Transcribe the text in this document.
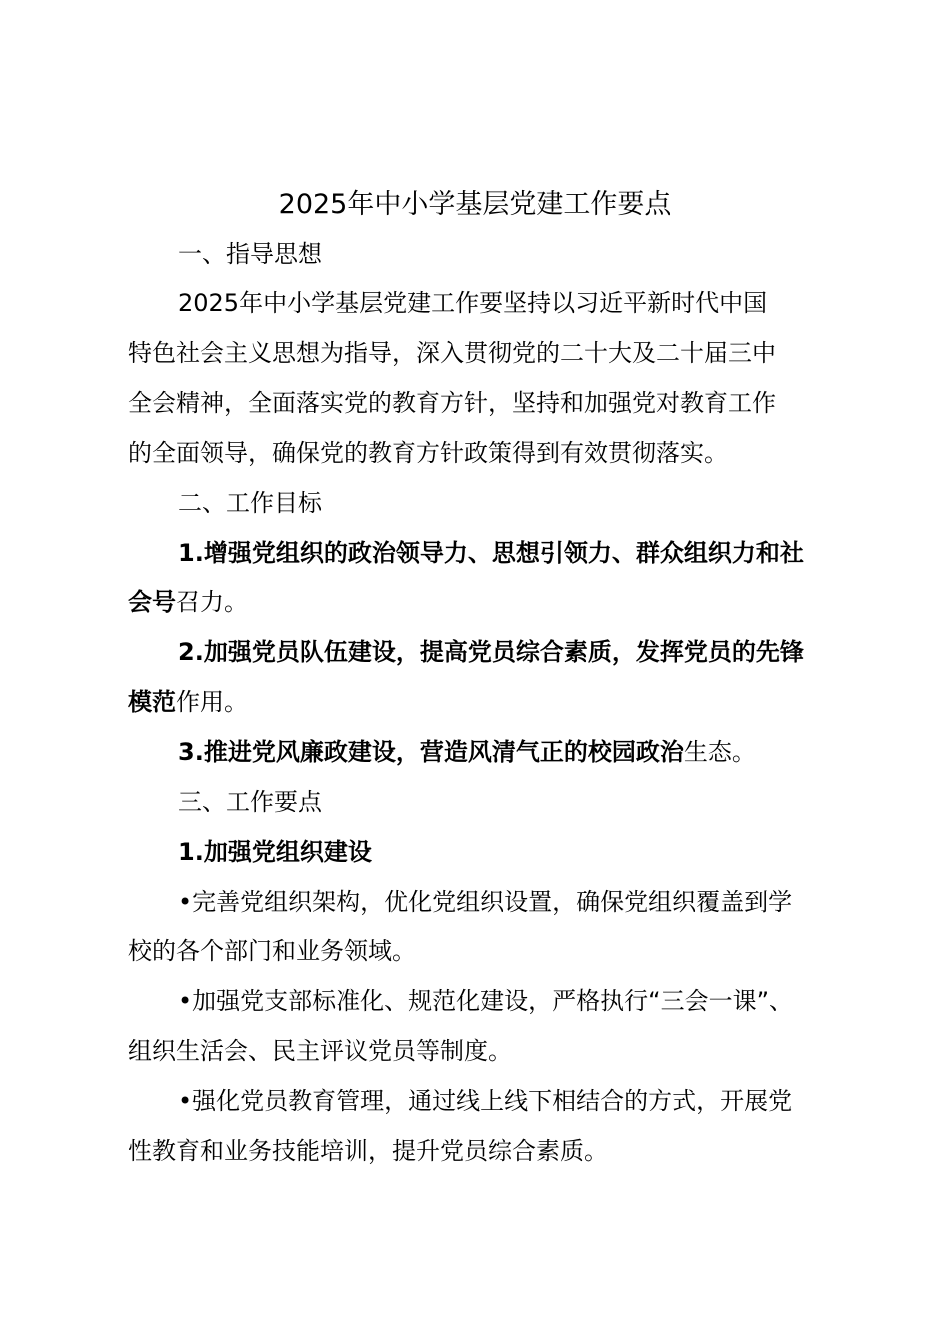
2025年中小学基层党建工作要点
一、指导思想
2025年中小学基层党建工作要坚持以习近平新时代中国
特色社会主义思想为指导，深入贯彻党的二十大及二十届三中
全会精神，全面落实党的教育方针，坚持和加强党对教育工作
的全面领导，确保党的教育方针政策得到有效贯彻落实。
二、工作目标
1.增强党组织的政治领导力、思想引领力、群众组织力和社
会号召力。
2.加强党员队伍建设，提高党员综合素质，发挥党员的先锋
模范作用。
3.推进党风廉政建设，营造风清气正的校园政治生态。
三、工作要点
1.加强党组织建设
•完善党组织架构，优化党组织设置，确保党组织覆盖到学
校的各个部门和业务领域。
•加强党支部标准化、规范化建设，严格执行“三会一课”、
组织生活会、民主评议党员等制度。
•强化党员教育管理，通过线上线下相结合的方式，开展党
性教育和业务技能培训，提升党员综合素质。
